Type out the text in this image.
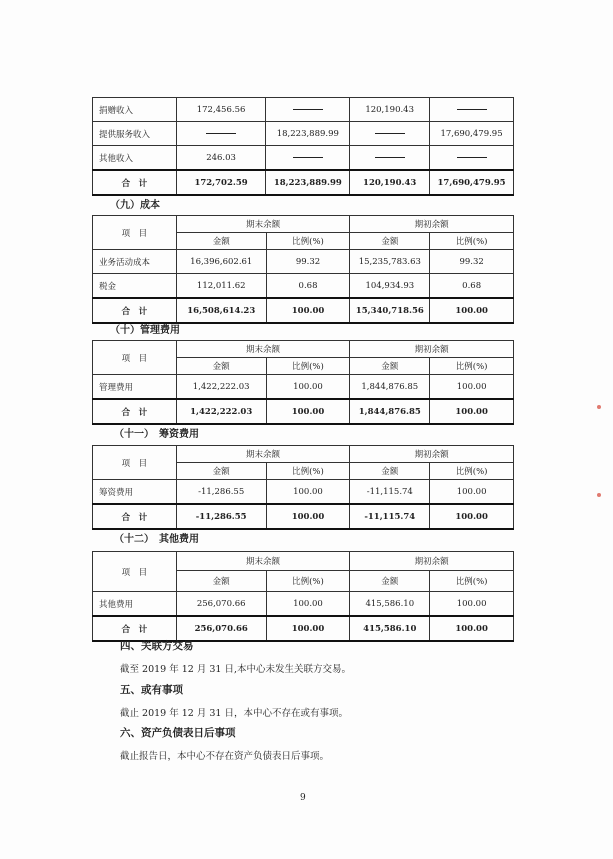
捐赠收入	172,456.56		120,190.43	
提供服务收入		18,223,889.99		17,690,479.95
其他收入	246.03			
合　计	172,702.59	18,223,889.99	120,190.43	17,690,479.95
（九）成本
项　目	期末余额		期初余额	
	金额	比例(%)	金额	比例(%)
业务活动成本	16,396,602.61	99.32	15,235,783.63	99.32
税金	112,011.62	0.68	104,934.93	0.68
合　计	16,508,614.23	100.00	15,340,718.56	100.00
（十）管理费用
项　目	期末余额		期初余额	
	金额	比例(%)	金额	比例(%)
管理费用	1,422,222.03	100.00	1,844,876.85	100.00
合　计	1,422,222.03	100.00	1,844,876.85	100.00
（十一）　筹资费用
项　目	期末余额		期初余额	
	金额	比例(%)	金额	比例(%)
筹资费用	-11,286.55	100.00	-11,115.74	100.00
合　计	-11,286.55	100.00	-11,115.74	100.00
（十二）　其他费用
项　目	期末余额		期初余额	
	金额	比例(%)	金额	比例(%)
其他费用	256,070.66	100.00	415,586.10	100.00
合　计	256,070.66	100.00	415,586.10	100.00
四、关联方交易
截至 2019 年 12 月 31 日,本中心未发生关联方交易。
五、或有事项
截止 2019 年 12 月 31 日，本中心不存在或有事项。
六、资产负债表日后事项
截止报告日，本中心不存在资产负债表日后事项。
9
